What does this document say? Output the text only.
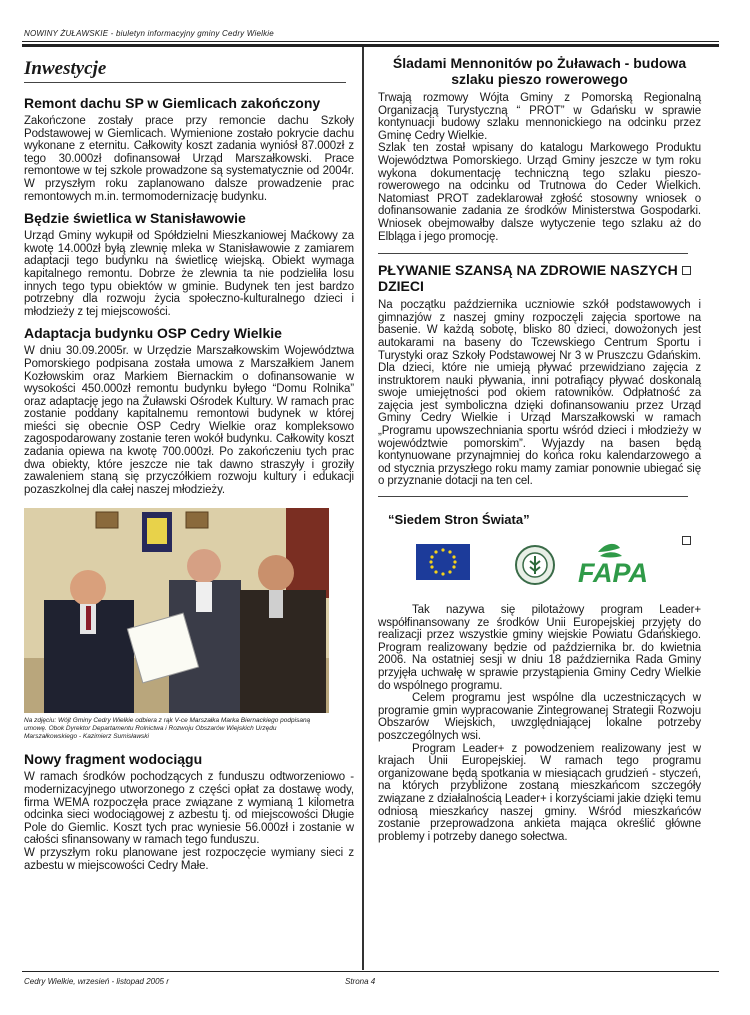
NOWINY ŻUŁAWSKIE - biuletyn informacyjny gminy Cedry Wielkie
Inwestycje
Remont dachu SP w Giemlicach zakończony

Zakończone zostały prace przy remoncie dachu Szkoły Podstawowej w Giemlicach. Wymienione zostało pokrycie dachu wykonane z eternitu. Całkowity koszt zadania wyniósł 87.000zł z tego 30.000zł dofinansował Urząd Marszałkowski. Prace remontowe w tej szkole prowadzone są systematycznie od 2004r. W przyszłym roku zaplanowano dalsze prowadzenie prac remontowych m.in. termomodernizację budynku.

Będzie świetlica w Stanisławowie

Urząd Gminy wykupił od Spółdzielni Mieszkaniowej Maćkowy za kwotę 14.000zł byłą zlewnię mleka w Stanisławowie z zamiarem adaptacji tego budynku na świetlicę wiejską. Obiekt wymaga kapitalnego remontu. Dobrze że zlewnia ta nie podzieliła losu innych tego typu obiektów w gminie. Budynek ten jest bardzo potrzebny dla rozwoju życia społeczno-kulturalnego dzieci i młodzieży z tej miejscowości.

Adaptacja budynku OSP Cedry Wielkie

W dniu 30.09.2005r. w Urzędzie Marszałkowskim Województwa Pomorskiego podpisana została umowa z Marszałkiem Janem Kozłowskim oraz Markiem Biernackim o dofinansowanie w wysokości 450.000zł remontu budynku byłego “Domu Rolnika” oraz adaptację jego na Żuławski Ośrodek Kultury. W ramach prac zostanie poddany kapitalnemu remontowi budynek w której mieści się obecnie OSP Cedry Wielkie oraz kompleksowo zagospodarowany zostanie teren wokół budynku. Całkowity koszt zadania opiewa na kwotę 700.000zł. Po zakończeniu tych prac dwa obiekty, które jeszcze nie tak dawno straszyły i groziły zawaleniem staną się przyczółkiem rozwoju kultury i edukacji pozaszkolnej dla całej naszej młodzieży.

Na zdjęciu: Wójt Gminy Cedry Wielkie odbiera z rąk V-ce Marszałka Marka Biernackiego podpisaną umowę. Obok Dyrektor Departamentu Rolnictwa i Rozwoju Obszarów Wiejskich Urzędu Marszałkowskiego - Kazimierz Sumisławski
Nowy fragment wodociągu

W ramach środków pochodzących z funduszu odtworzeniowo - modernizacyjnego utworzonego z części opłat za dostawę wody, firma WEMA rozpoczęła prace związane z wymianą 1 kilometra odcinka sieci wodociągowej z azbestu tj. od miejscowości Długie Pole do Giemlic. Koszt tych prac wyniesie 56.000zł i zostanie w całości sfinansowany w ramach tego funduszu.

W przyszłym roku planowane jest rozpoczęcie wymiany sieci z azbestu w miejscowości Cedry Małe.

Śladami Mennonitów po Żuławach - budowa szlaku pieszo rowerowego

Trwają rozmowy Wójta Gminy z Pomorską Regionalną Organizacją Turystyczną “ PROT” w Gdańsku w sprawie kontynuacji budowy szlaku mennonickiego na odcinku przez Gminę Cedry Wielkie.

Szlak ten został wpisany do katalogu Markowego Produktu Województwa Pomorskiego. Urząd Gminy jeszcze w tym roku wykona dokumentację techniczną tego szlaku pieszo-rowerowego na odcinku od Trutnowa do Ceder Wielkich. Natomiast PROT zadeklarował zgłość stosowny wniosek o dofinansowanie zadania ze środków Ministerstwa Gospodarki. Wniosek obejmowałby dalsze wytyczenie tego szlaku aż do Elbląga i jego promocję.

PŁYWANIE SZANSĄ NA ZDROWIE NASZYCH DZIECI

Na początku października uczniowie szkół podstawowych i gimnazjów z naszej gminy rozpoczęli zajęcia sportowe na basenie. W każdą sobotę, blisko 80 dzieci, dowożonych jest autokarami na baseny do Tczewskiego Centrum Sportu i Turystyki oraz Szkoły Podstawowej Nr 3 w Pruszczu Gdańskim. Dla dzieci, które nie umieją pływać przewidziano zajęcia z instruktorem nauki pływania, inni potrafiący pływać doskonalą swoje umiejętności pod okiem ratowników. Odpłatność za zajęcia jest symboliczna dzięki dofinansowaniu przez Urząd Gminy Cedry Wielkie i Urząd Marszałkowski w ramach „Programu upowszechniania sportu wśród dzieci i młodzieży w województwie pomorskim”. Wyjazdy na basen będą kontynuowane przynajmniej do końca roku kalendarzowego a od stycznia przyszłego roku mamy zamiar ponownie ubiegać się o przyznanie dotacji na ten cel.

“Siedem Stron Świata”
FAPA

Tak nazywa się pilotażowy program Leader+ współfinansowany ze środków Unii Europejskiej przyjęty do realizacji przez wszystkie gminy wiejskie Powiatu Gdańskiego. Program realizowany będzie od października br. do kwietnia 2006. Na ostatniej sesji w dniu 18 października Rada Gminy przyjęła uchwałę w sprawie przystąpienia Gminy Cedry Wielkie do wspólnego programu.

Celem programu jest wspólne dla uczestniczących w programie gmin wypracowanie Zintegrowanej Strategii Rozwoju Obszarów Wiejskich, uwzględniającej lokalne potrzeby poszczególnych wsi.

Program Leader+ z powodzeniem realizowany jest w krajach Unii Europejskiej. W ramach tego programu organizowane będą spotkania w miesiącach grudzień - styczeń, na których przybliżone zostaną mieszkańcom szczegóły związane z działalnością Leader+ i korzyściami jakie dzięki temu odniosą mieszkańcy naszej gminy. Wśród mieszkańców zostanie przeprowadzona ankieta mająca określić główne problemy i potrzeby danego sołectwa.

Cedry Wielkie, wrzesień - listopad 2005 r	Strona 4
